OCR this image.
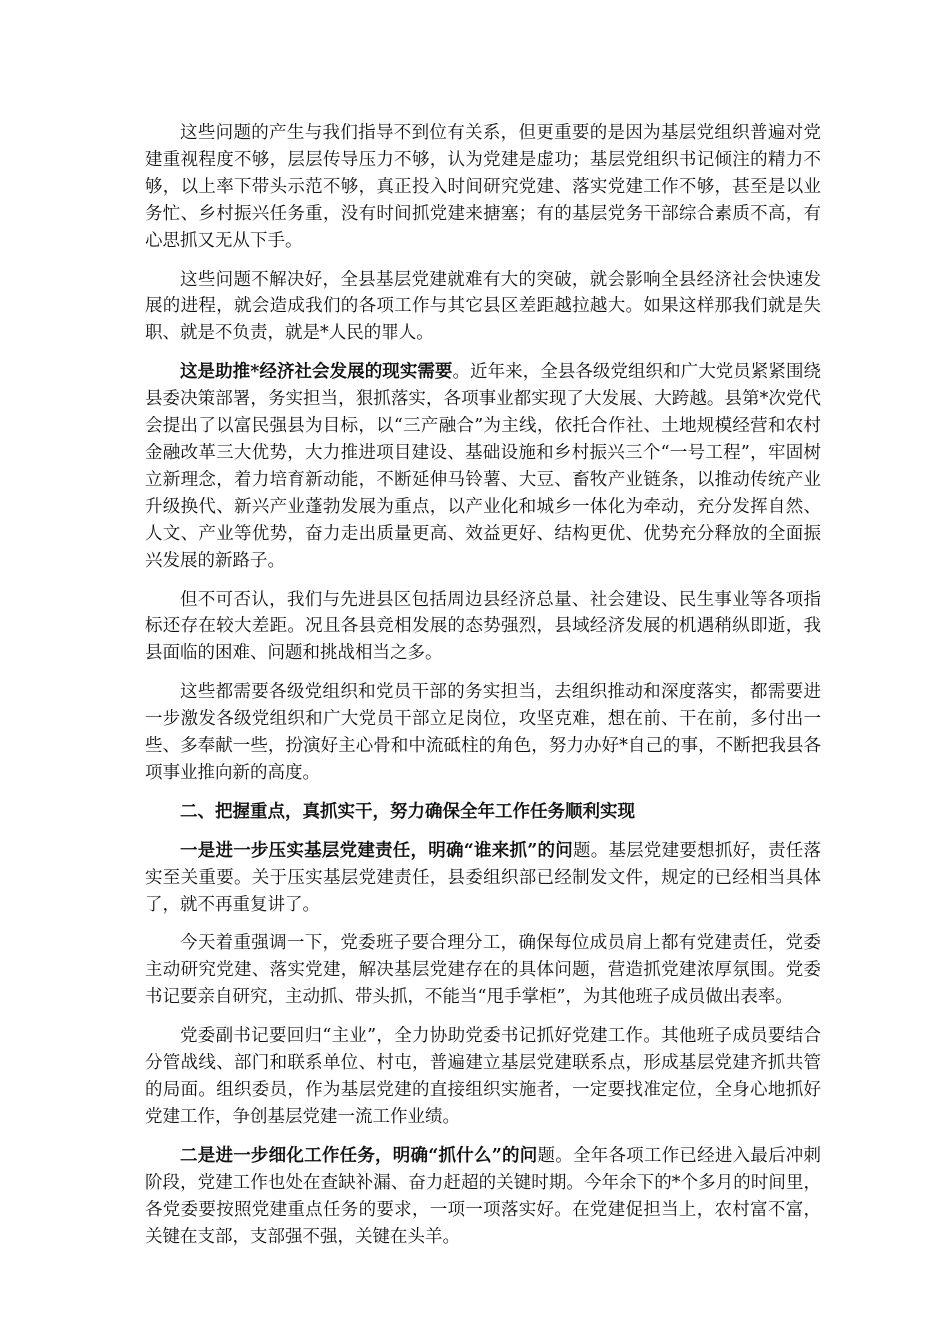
这些问题的产生与我们指导不到位有关系，但更重要的是因为基层党组织普遍对党建重视程度不够，层层传导压力不够，认为党建是虚功；基层党组织书记倾注的精力不够，以上率下带头示范不够，真正投入时间研究党建、落实党建工作不够，甚至是以业务忙、乡村振兴任务重，没有时间抓党建来搪塞；有的基层党务干部综合素质不高，有心思抓又无从下手。

这些问题不解决好，全县基层党建就难有大的突破，就会影响全县经济社会快速发展的进程，就会造成我们的各项工作与其它县区差距越拉越大。如果这样那我们就是失职、就是不负责，就是*人民的罪人。

这是助推*经济社会发展的现实需要。近年来，全县各级党组织和广大党员紧紧围绕县委决策部署，务实担当，狠抓落实，各项事业都实现了大发展、大跨越。县第*次党代会提出了以富民强县为目标，以“三产融合”为主线，依托合作社、土地规模经营和农村金融改革三大优势，大力推进项目建设、基础设施和乡村振兴三个“一号工程”，牢固树立新理念，着力培育新动能，不断延伸马铃薯、大豆、畜牧产业链条，以推动传统产业升级换代、新兴产业蓬勃发展为重点，以产业化和城乡一体化为牵动，充分发挥自然、人文、产业等优势，奋力走出质量更高、效益更好、结构更优、优势充分释放的全面振兴发展的新路子。

但不可否认，我们与先进县区包括周边县经济总量、社会建设、民生事业等各项指标还存在较大差距。况且各县竞相发展的态势强烈，县域经济发展的机遇稍纵即逝，我县面临的困难、问题和挑战相当之多。

这些都需要各级党组织和党员干部的务实担当，去组织推动和深度落实，都需要进一步激发各级党组织和广大党员干部立足岗位，攻坚克难，想在前、干在前，多付出一些、多奉献一些，扮演好主心骨和中流砥柱的角色，努力办好*自己的事，不断把我县各项事业推向新的高度。

二、把握重点，真抓实干，努力确保全年工作任务顺利实现

一是进一步压实基层党建责任，明确“谁来抓”的问题。基层党建要想抓好，责任落实至关重要。关于压实基层党建责任，县委组织部已经制发文件，规定的已经相当具体了，就不再重复讲了。

今天着重强调一下，党委班子要合理分工，确保每位成员肩上都有党建责任，党委主动研究党建、落实党建，解决基层党建存在的具体问题，营造抓党建浓厚氛围。党委书记要亲自研究，主动抓、带头抓，不能当“甩手掌柜”，为其他班子成员做出表率。

党委副书记要回归“主业”，全力协助党委书记抓好党建工作。其他班子成员要结合分管战线、部门和联系单位、村屯，普遍建立基层党建联系点，形成基层党建齐抓共管的局面。组织委员，作为基层党建的直接组织实施者，一定要找准定位，全身心地抓好党建工作，争创基层党建一流工作业绩。

二是进一步细化工作任务，明确“抓什么”的问题。全年各项工作已经进入最后冲刺阶段，党建工作也处在查缺补漏、奋力赶超的关键时期。今年余下的*个多月的时间里，各党委要按照党建重点任务的要求，一项一项落实好。在党建促担当上，农村富不富，关键在支部，支部强不强，关键在头羊。
